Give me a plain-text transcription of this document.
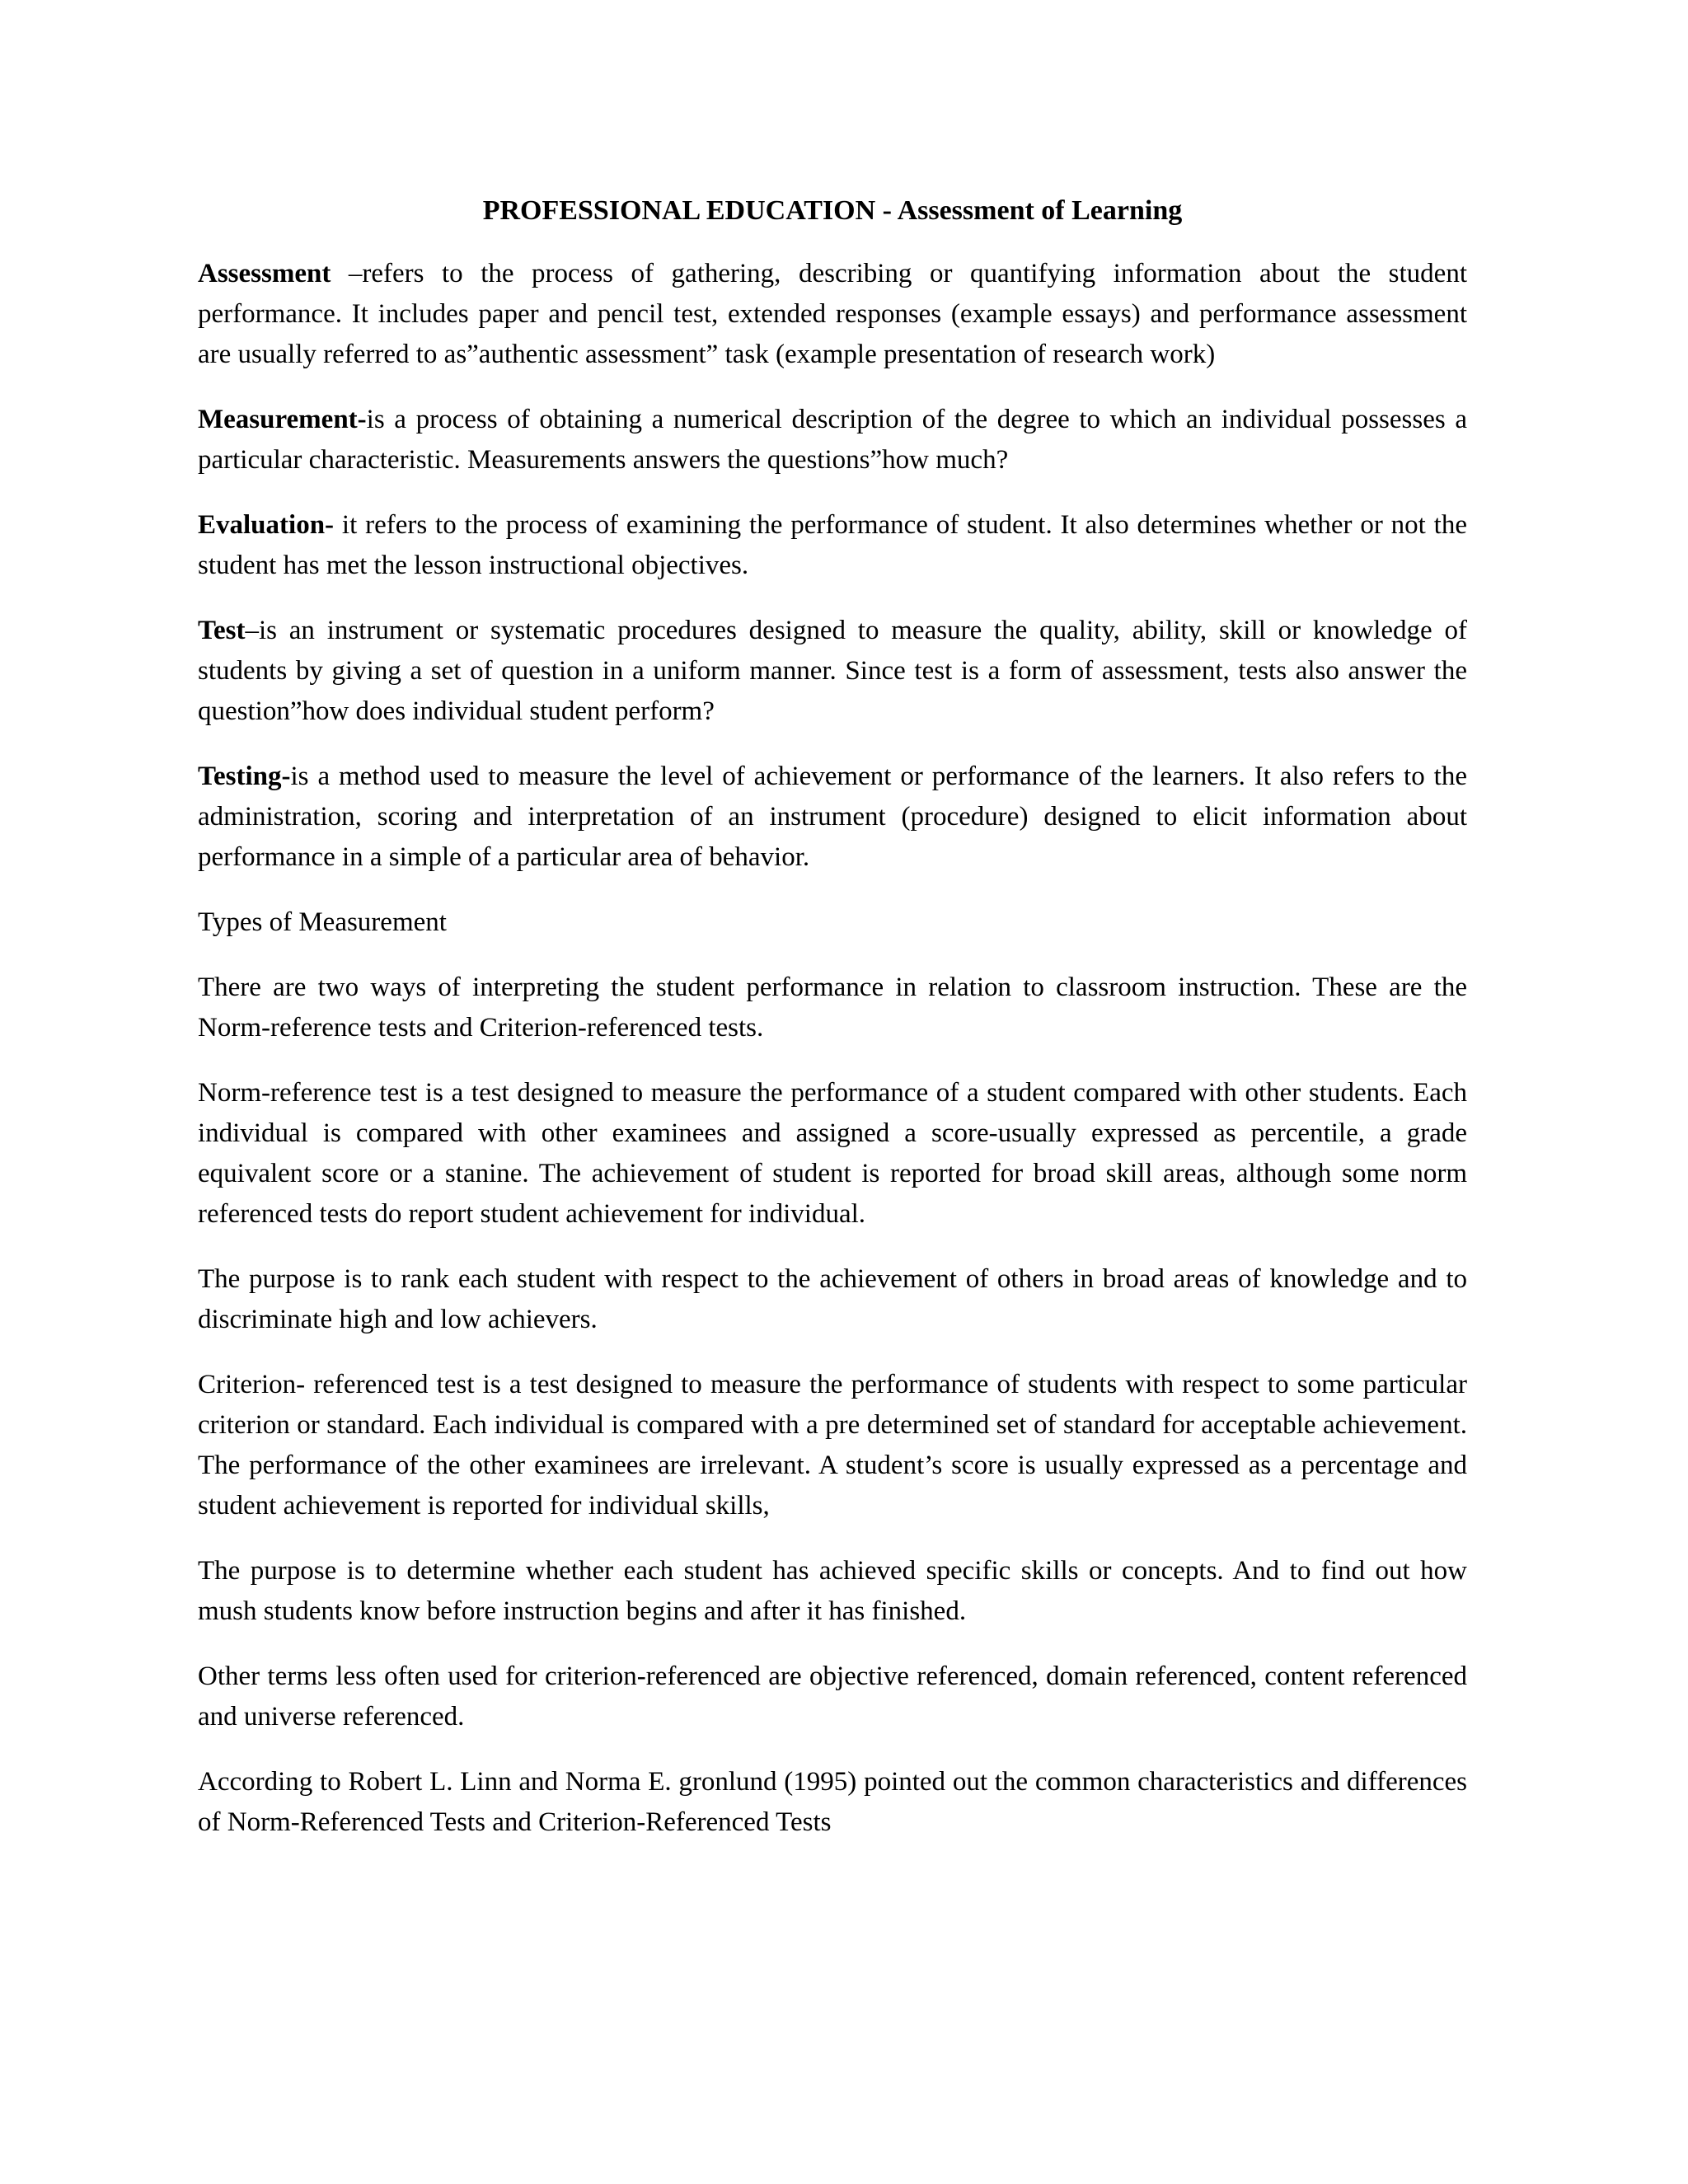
PROFESSIONAL EDUCATION - Assessment of Learning

Assessment –refers to the process of gathering, describing or quantifying information about the student performance. It includes paper and pencil test, extended responses (example essays) and performance assessment are usually referred to as”authentic assessment” task (example presentation of research work)

Measurement-is a process of obtaining a numerical description of the degree to which an individual possesses a particular characteristic. Measurements answers the questions”how much?

Evaluation- it refers to the process of examining the performance of student. It also determines whether or not the student has met the lesson instructional objectives.

Test–is an instrument or systematic procedures designed to measure the quality, ability, skill or knowledge of students by giving a set of question in a uniform manner. Since test is a form of assessment, tests also answer the question”how does individual student perform?

Testing-is a method used to measure the level of achievement or performance of the learners. It also refers to the administration, scoring and interpretation of an instrument (procedure) designed to elicit information about performance in a simple of a particular area of behavior.

Types of Measurement

There are two ways of interpreting the student performance in relation to classroom instruction. These are the Norm-reference tests and Criterion-referenced tests.

Norm-reference test is a test designed to measure the performance of a student compared with other students. Each individual is compared with other examinees and assigned a score-usually expressed as percentile, a grade equivalent score or a stanine. The achievement of student is reported for broad skill areas, although some norm referenced tests do report student achievement for individual.

The purpose is to rank each student with respect to the achievement of others in broad areas of knowledge and to discriminate high and low achievers.

Criterion- referenced test is a test designed to measure the performance of students with respect to some particular criterion or standard. Each individual is compared with a pre determined set of standard for acceptable achievement. The performance of the other examinees are irrelevant. A student’s score is usually expressed as a percentage and student achievement is reported for individual skills,

The purpose is to determine whether each student has achieved specific skills or concepts. And to find out how mush students know before instruction begins and after it has finished.

Other terms less often used for criterion-referenced are objective referenced, domain referenced, content referenced and universe referenced.

According to Robert L. Linn and Norma E. gronlund (1995) pointed out the common characteristics and differences of Norm-Referenced Tests and Criterion-Referenced Tests
